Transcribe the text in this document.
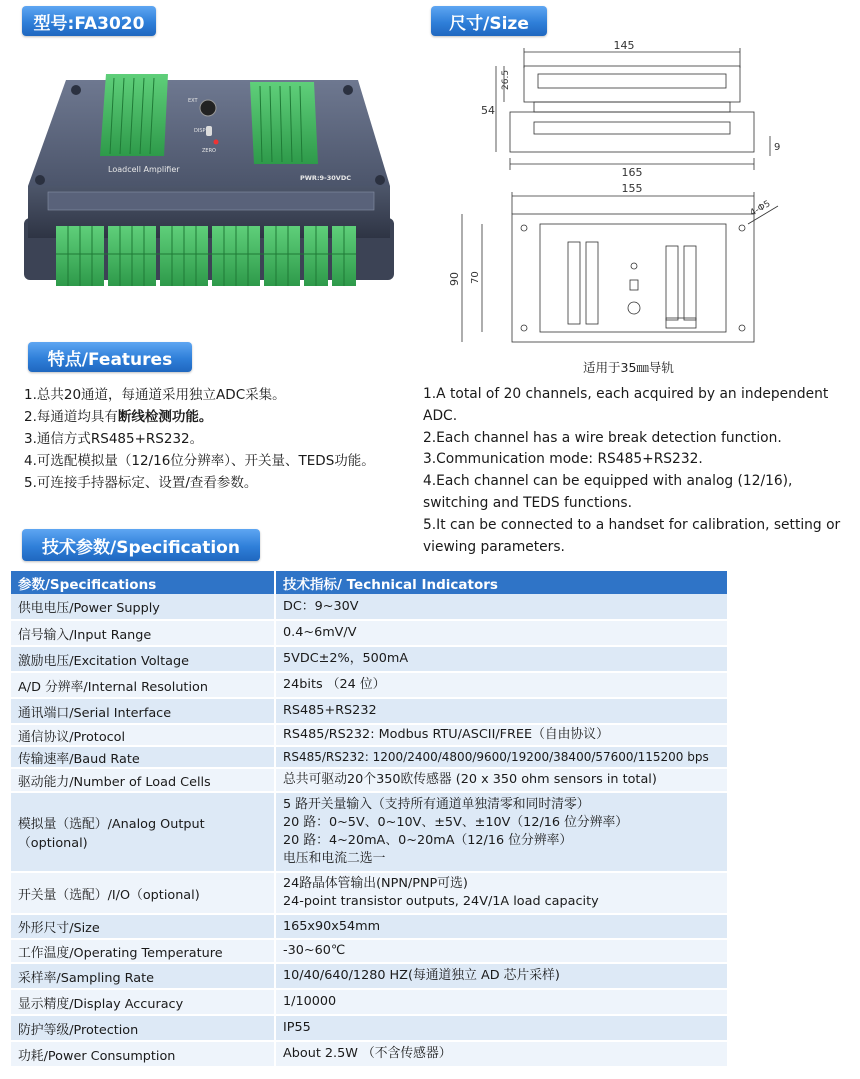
型号:FA3020	尺寸/Size
特点/Features
技术参数/Specification
EXT
DISP
ZERO
Loadcell Amplifier
PWR:9-30VDC
145
165
54
26.5
9
155
90 70
4-Φ5
适用于35㎜导轨
1.总共20通道，每通道采用独立ADC采集。
2.每通道均具有断线检测功能。
3.通信方式RS485+RS232。
4.可选配模拟量（12/16位分辨率）、开关量、TEDS功能。
5.可连接手持器标定、设置/查看参数。
1.A total of 20 channels, each acquired by an independent ADC.
2.Each channel has a wire break detection function.
3.Communication mode: RS485+RS232.
4.Each channel can be equipped with analog (12/16), switching and TEDS functions.
5.It can be connected to a handset for calibration, setting or viewing parameters.
参数/Specifications	技术指标/ Technical Indicators
供电电压/Power Supply	DC：9~30V
信号输入/Input Range	0.4~6mV/V
激励电压/Excitation Voltage	5VDC±2%，500mA
A/D 分辨率/Internal Resolution	24bits （24 位）
通讯端口/Serial Interface	RS485+RS232
通信协议/Protocol	RS485/RS232: Modbus RTU/ASCII/FREE（自由协议）
传输速率/Baud Rate	RS485/RS232: 1200/2400/4800/9600/19200/38400/57600/115200 bps
驱动能力/Number of Load Cells	总共可驱动20个350欧传感器 (20 x 350 ohm sensors in total)
模拟量（选配）/Analog Output（optional)	5 路开关量输入（支持所有通道单独清零和同时清零）
20 路：0~5V、0~10V、±5V、±10V（12/16 位分辨率）
20 路：4~20mA、0~20mA（12/16 位分辨率）
电压和电流二选一

开关量（选配）/I/O（optional)	24路晶体管输出(NPN/PNP可选)
24-point transistor outputs, 24V/1A load capacity

外形尺寸/Size	165x90x54mm
工作温度/Operating Temperature	-30~60℃
采样率/Sampling Rate	10/40/640/1280 HZ(每通道独立 AD 芯片采样)
显示精度/Display Accuracy	1/10000
防护等级/Protection	IP55
功耗/Power Consumption	About 2.5W （不含传感器）
